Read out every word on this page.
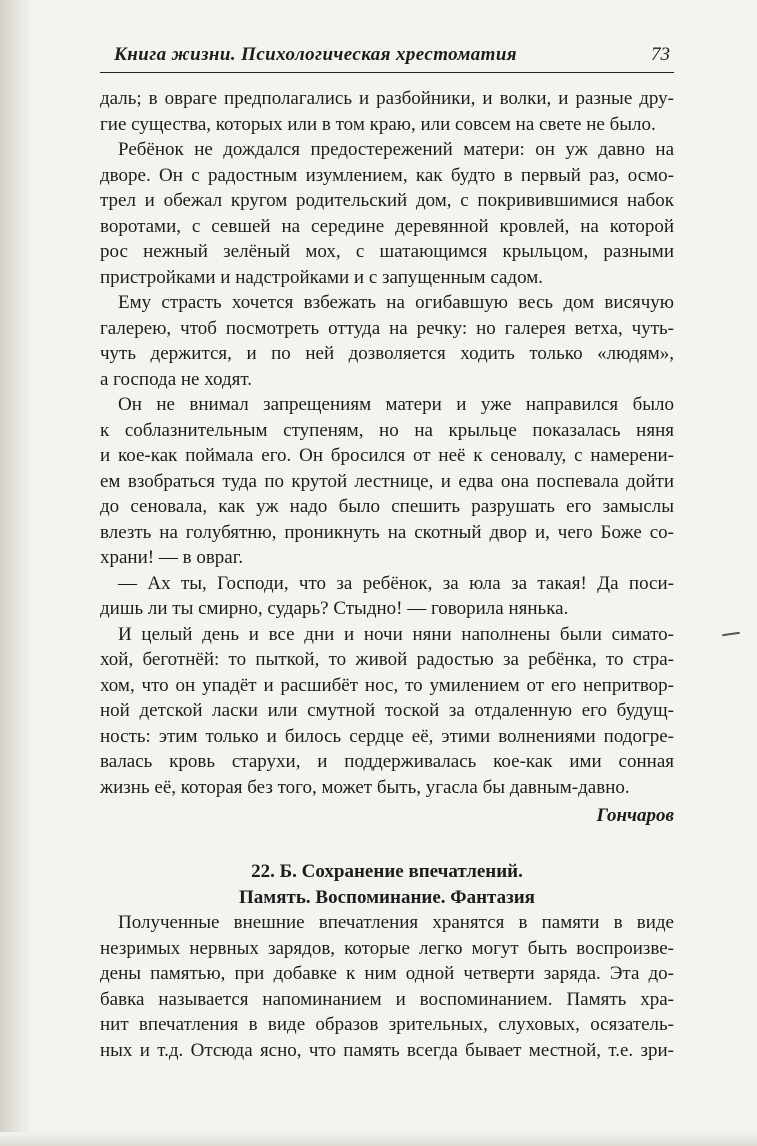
Книга жизни. Психологическая хрестоматия	73
даль; в овраге предполагались и разбойники, и волки, и разные дру-
гие существа, которых или в том краю, или совсем на свете не было.
Ребёнок не дождался предостережений матери: он уж давно на
дворе. Он с радостным изумлением, как будто в первый раз, осмо-
трел и обежал кругом родительский дом, с покривившимися набок
воротами, с севшей на середине деревянной кровлей, на которой
рос нежный зелёный мох, с шатающимся крыльцом, разными
пристройками и надстройками и с запущенным садом.
Ему страсть хочется взбежать на огибавшую весь дом висячую
галерею, чтоб посмотреть оттуда на речку: но галерея ветха, чуть-
чуть держится, и по ней дозволяется ходить только «людям»,
а господа не ходят.
Он не внимал запрещениям матери и уже направился было
к соблазнительным ступеням, но на крыльце показалась няня
и кое-как поймала его. Он бросился от неё к сеновалу, с намерени-
ем взобраться туда по крутой лестнице, и едва она поспевала дойти
до сеновала, как уж надо было спешить разрушать его замыслы
влезть на голубятню, проникнуть на скотный двор и, чего Боже со-
храни! — в овраг.
— Ах ты, Господи, что за ребёнок, за юла за такая! Да поси-
дишь ли ты смирно, сударь? Стыдно! — говорила нянька.
И целый день и все дни и ночи няни наполнены были симато-
хой, беготнёй: то пыткой, то живой радостью за ребёнка, то стра-
хом, что он упадёт и расшибёт нос, то умилением от его непритвор-
ной детской ласки или смутной тоской за отдаленную его будущ-
ность: этим только и билось сердце её, этими волнениями подогре-
валась кровь старухи, и поддерживалась кое-как ими сонная
жизнь её, которая без того, может быть, угасла бы давным-давно.
Гончаров
22. Б. Сохранение впечатлений.
Память. Воспоминание. Фантазия
Полученные внешние впечатления хранятся в памяти в виде
незримых нервных зарядов, которые легко могут быть воспроизве-
дены памятью, при добавке к ним одной четверти заряда. Эта до-
бавка называется напоминанием и воспоминанием. Память хра-
нит впечатления в виде образов зрительных, слуховых, осязатель-
ных и т.д. Отсюда ясно, что память всегда бывает местной, т.е. зри-
